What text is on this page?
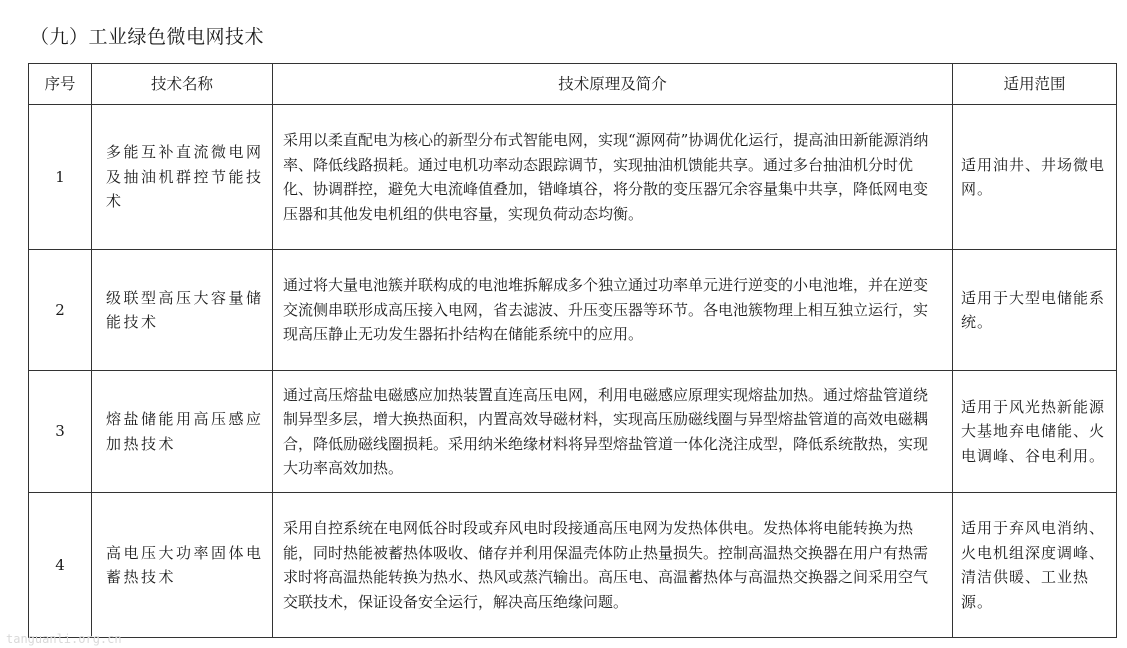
（九）工业绿色微电网技术
序号	技术名称	技术原理及简介	适用范围
1	多能互补直流微电网及抽油机群控节能技术	采用以柔直配电为核心的新型分布式智能电网，实现“源网荷”协调优化运行，提高油田新能源消纳率、降低线路损耗。通过电机功率动态跟踪调节，实现抽油机馈能共享。通过多台抽油机分时优化、协调群控，避免大电流峰值叠加，错峰填谷，将分散的变压器冗余容量集中共享，降低网电变压器和其他发电机组的供电容量，实现负荷动态均衡。	适用油井、井场微电网。
2	级联型高压大容量储能技术	通过将大量电池簇并联构成的电池堆拆解成多个独立通过功率单元进行逆变的小电池堆，并在逆变交流侧串联形成高压接入电网，省去滤波、升压变压器等环节。各电池簇物理上相互独立运行，实现高压静止无功发生器拓扑结构在储能系统中的应用。	适用于大型电储能系统。
3	熔盐储能用高压感应加热技术	通过高压熔盐电磁感应加热装置直连高压电网，利用电磁感应原理实现熔盐加热。通过熔盐管道绕制异型多层，增大换热面积，内置高效导磁材料，实现高压励磁线圈与异型熔盐管道的高效电磁耦合，降低励磁线圈损耗。采用纳米绝缘材料将异型熔盐管道一体化浇注成型，降低系统散热，实现大功率高效加热。	适用于风光热新能源大基地弃电储能、火电调峰、谷电利用。
4	高电压大功率固体电蓄热技术	采用自控系统在电网低谷时段或弃风电时段接通高压电网为发热体供电。发热体将电能转换为热能，同时热能被蓄热体吸收、储存并利用保温壳体防止热量损失。控制高温热交换器在用户有热需求时将高温热能转换为热水、热风或蒸汽输出。高压电、高温蓄热体与高温热交换器之间采用空气交联技术，保证设备安全运行，解决高压绝缘问题。	适用于弃风电消纳、火电机组深度调峰、清洁供暖、工业热源。
tanguanli.org.cn
